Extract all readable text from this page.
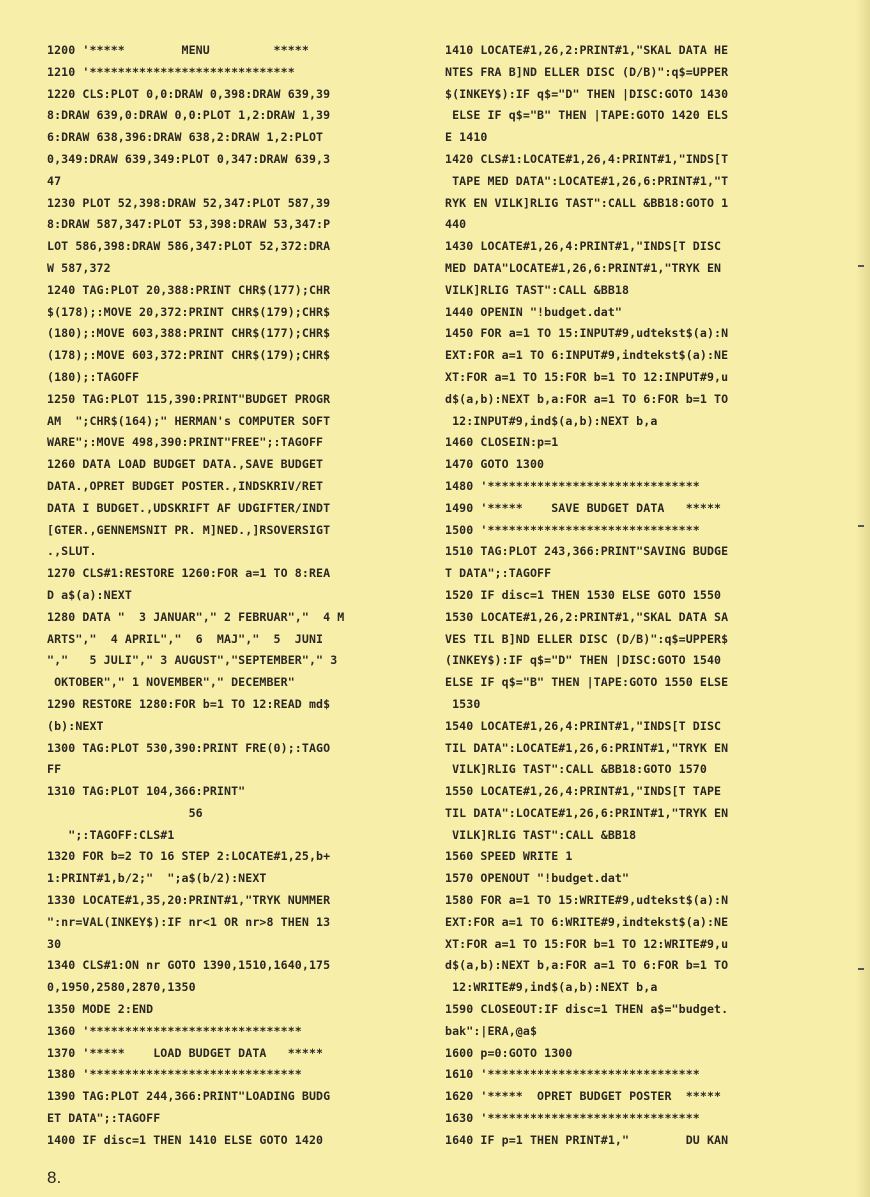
1200 '*****        MENU         *****
1210 '*****************************
1220 CLS:PLOT 0,0:DRAW 0,398:DRAW 639,39
8:DRAW 639,0:DRAW 0,0:PLOT 1,2:DRAW 1,39
6:DRAW 638,396:DRAW 638,2:DRAW 1,2:PLOT
0,349:DRAW 639,349:PLOT 0,347:DRAW 639,3
47
1230 PLOT 52,398:DRAW 52,347:PLOT 587,39
8:DRAW 587,347:PLOT 53,398:DRAW 53,347:P
LOT 586,398:DRAW 586,347:PLOT 52,372:DRA
W 587,372
1240 TAG:PLOT 20,388:PRINT CHR$(177);CHR
$(178);:MOVE 20,372:PRINT CHR$(179);CHR$
(180);:MOVE 603,388:PRINT CHR$(177);CHR$
(178);:MOVE 603,372:PRINT CHR$(179);CHR$
(180);:TAGOFF
1250 TAG:PLOT 115,390:PRINT"BUDGET PROGR
AM  ";CHR$(164);" HERMAN's COMPUTER SOFT
WARE";:MOVE 498,390:PRINT"FREE";:TAGOFF
1260 DATA LOAD BUDGET DATA.,SAVE BUDGET
DATA.,OPRET BUDGET POSTER.,INDSKRIV/RET
DATA I BUDGET.,UDSKRIFT AF UDGIFTER/INDT
[GTER.,GENNEMSNIT PR. M]NED.,]RSOVERSIGT
.,SLUT.
1270 CLS#1:RESTORE 1260:FOR a=1 TO 8:REA
D a$(a):NEXT
1280 DATA "  3 JANUAR"," 2 FEBRUAR","  4 M
ARTS","  4 APRIL","  6  MAJ","  5  JUNI
","   5 JULI"," 3 AUGUST","SEPTEMBER"," 3
OKTOBER"," 1 NOVEMBER"," DECEMBER"
1290 RESTORE 1280:FOR b=1 TO 12:READ md$
(b):NEXT
1300 TAG:PLOT 530,390:PRINT FRE(0);:TAGO
FF
1310 TAG:PLOT 104,366:PRINT"
56
";:TAGOFF:CLS#1
1320 FOR b=2 TO 16 STEP 2:LOCATE#1,25,b+
1:PRINT#1,b/2;"  ";a$(b/2):NEXT
1330 LOCATE#1,35,20:PRINT#1,"TRYK NUMMER
":nr=VAL(INKEY$):IF nr<1 OR nr>8 THEN 13
30
1340 CLS#1:ON nr GOTO 1390,1510,1640,175
0,1950,2580,2870,1350
1350 MODE 2:END
1360 '******************************
1370 '*****    LOAD BUDGET DATA   *****
1380 '******************************
1390 TAG:PLOT 244,366:PRINT"LOADING BUDG
ET DATA";:TAGOFF
1400 IF disc=1 THEN 1410 ELSE GOTO 1420
1410 LOCATE#1,26,2:PRINT#1,"SKAL DATA HE
NTES FRA B]ND ELLER DISC (D/B)":q$=UPPER
$(INKEY$):IF q$="D" THEN |DISC:GOTO 1430
ELSE IF q$="B" THEN |TAPE:GOTO 1420 ELS
E 1410
1420 CLS#1:LOCATE#1,26,4:PRINT#1,"INDS[T
TAPE MED DATA":LOCATE#1,26,6:PRINT#1,"T
RYK EN VILK]RLIG TAST":CALL &BB18:GOTO 1
440
1430 LOCATE#1,26,4:PRINT#1,"INDS[T DISC
MED DATA"LOCATE#1,26,6:PRINT#1,"TRYK EN
VILK]RLIG TAST":CALL &BB18
1440 OPENIN "!budget.dat"
1450 FOR a=1 TO 15:INPUT#9,udtekst$(a):N
EXT:FOR a=1 TO 6:INPUT#9,indtekst$(a):NE
XT:FOR a=1 TO 15:FOR b=1 TO 12:INPUT#9,u
d$(a,b):NEXT b,a:FOR a=1 TO 6:FOR b=1 TO
12:INPUT#9,ind$(a,b):NEXT b,a
1460 CLOSEIN:p=1
1470 GOTO 1300
1480 '******************************
1490 '*****    SAVE BUDGET DATA   *****
1500 '******************************
1510 TAG:PLOT 243,366:PRINT"SAVING BUDGE
T DATA";:TAGOFF
1520 IF disc=1 THEN 1530 ELSE GOTO 1550
1530 LOCATE#1,26,2:PRINT#1,"SKAL DATA SA
VES TIL B]ND ELLER DISC (D/B)":q$=UPPER$
(INKEY$):IF q$="D" THEN |DISC:GOTO 1540
ELSE IF q$="B" THEN |TAPE:GOTO 1550 ELSE
1530
1540 LOCATE#1,26,4:PRINT#1,"INDS[T DISC
TIL DATA":LOCATE#1,26,6:PRINT#1,"TRYK EN
VILK]RLIG TAST":CALL &BB18:GOTO 1570
1550 LOCATE#1,26,4:PRINT#1,"INDS[T TAPE
TIL DATA":LOCATE#1,26,6:PRINT#1,"TRYK EN
VILK]RLIG TAST":CALL &BB18
1560 SPEED WRITE 1
1570 OPENOUT "!budget.dat"
1580 FOR a=1 TO 15:WRITE#9,udtekst$(a):N
EXT:FOR a=1 TO 6:WRITE#9,indtekst$(a):NE
XT:FOR a=1 TO 15:FOR b=1 TO 12:WRITE#9,u
d$(a,b):NEXT b,a:FOR a=1 TO 6:FOR b=1 TO
12:WRITE#9,ind$(a,b):NEXT b,a
1590 CLOSEOUT:IF disc=1 THEN a$="budget.
bak":|ERA,@a$
1600 p=0:GOTO 1300
1610 '******************************
1620 '*****  OPRET BUDGET POSTER  *****
1630 '******************************
1640 IF p=1 THEN PRINT#1,"        DU KAN
8.
